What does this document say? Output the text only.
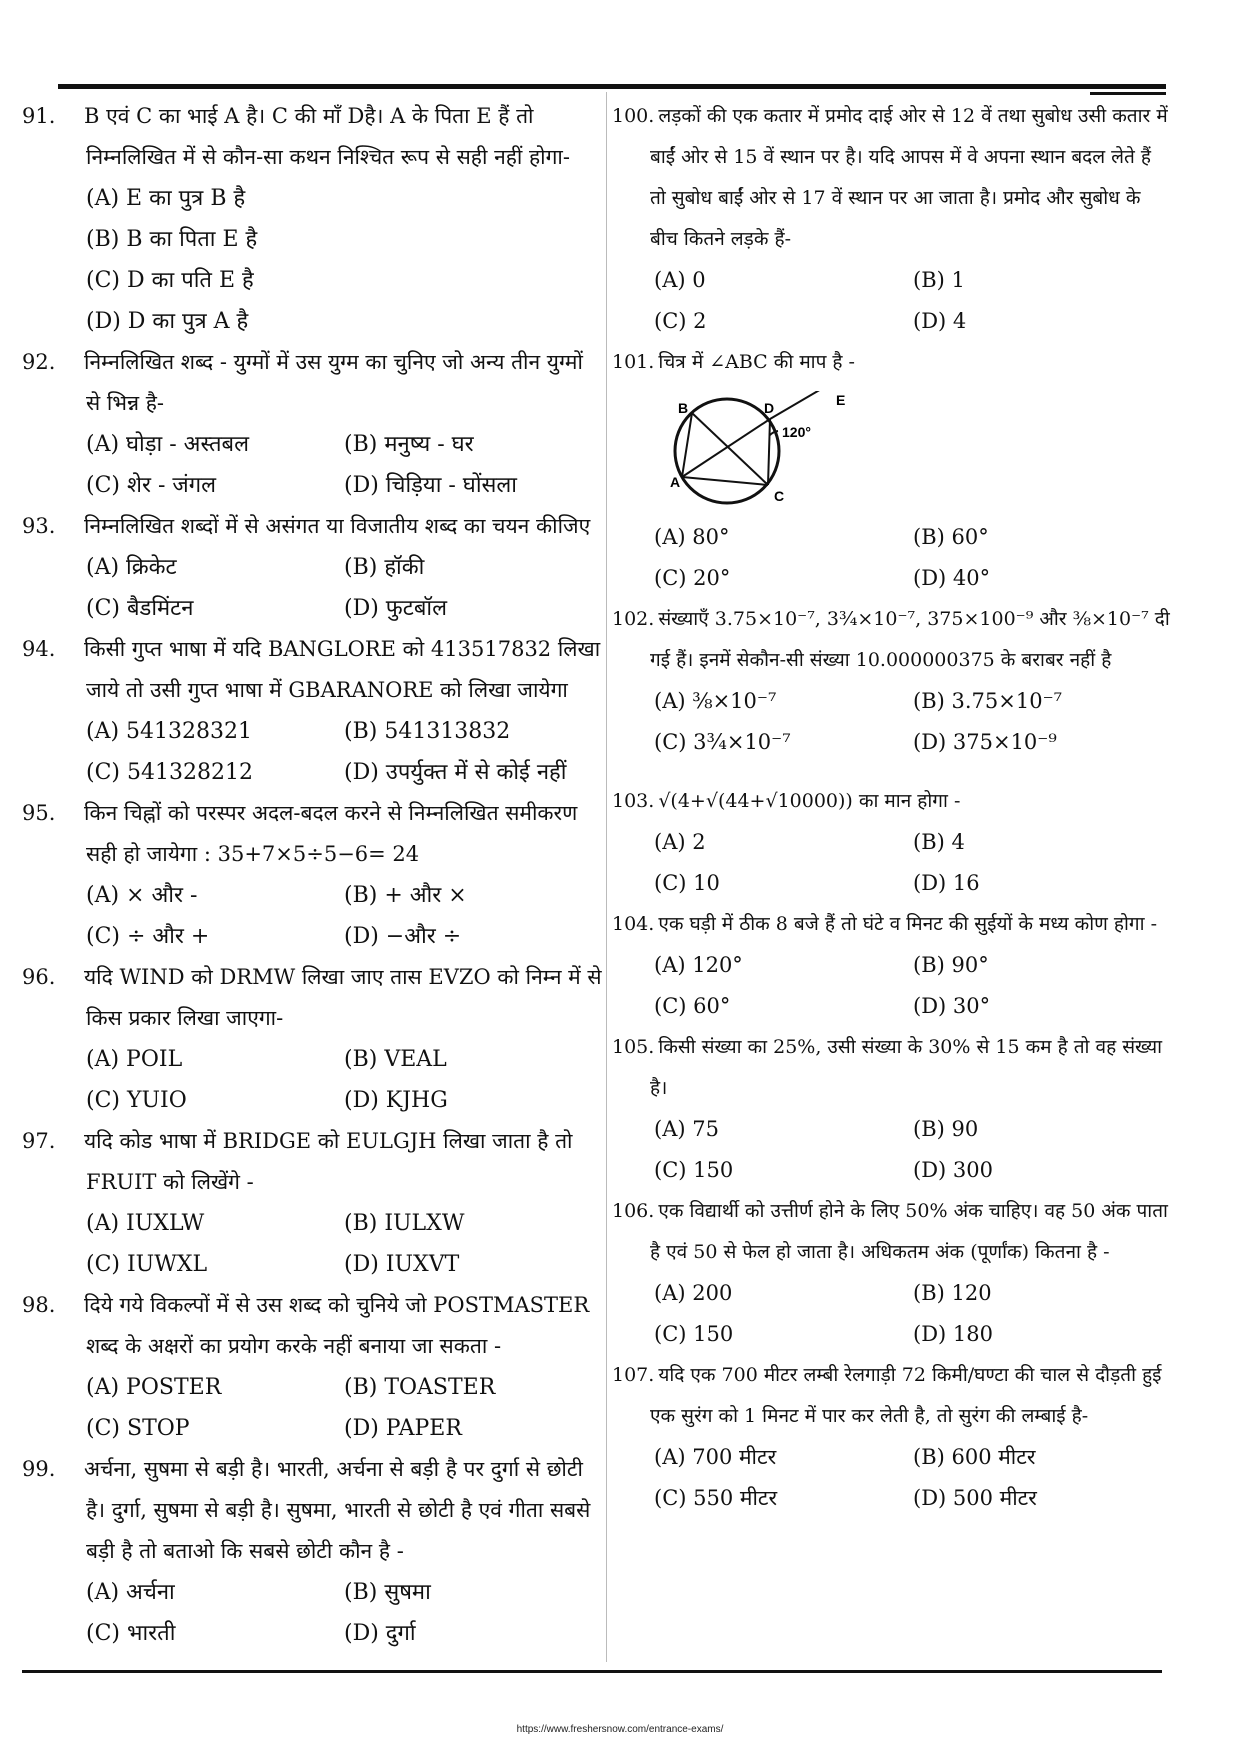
91. B एवं C का भाई A है। C की माँ Dहै। A के पिता E हैं तो निम्नलिखित में से कौन-सा कथन निश्चित रूप से सही नहीं होगा-
(A) E का पुत्र B है
(B) B का पिता E है
(C) D का पति E है
(D) D का पुत्र A है
92. निम्नलिखित शब्द - युग्मों में उस युग्म का चुनिए जो अन्य तीन युग्मों से भिन्न है-
(A) घोड़ा - अस्तबल	(B) मनुष्य - घर
(C) शेर - जंगल	(D) चिड़िया - घोंसला
93. निम्नलिखित शब्दों में से असंगत या विजातीय शब्द का चयन कीजिए
(A) क्रिकेट	(B) हॉकी
(C) बैडमिंटन	(D) फुटबॉल
94. किसी गुप्त भाषा में यदि BANGLORE को 413517832 लिखा जाये तो उसी गुप्त भाषा में GBARANORE को लिखा जायेगा
(A) 541328321	(B) 541313832
(C) 541328212	(D) उपर्युक्त में से कोई नहीं
95. किन चिह्नों को परस्पर अदल-बदल करने से निम्नलिखित समीकरण सही हो जायेगा : 35+7×5÷5−6= 24
(A) × और -	(B) + और ×
(C) ÷ और +	(D) −और ÷
96. यदि WIND को DRMW लिखा जाए तास EVZO को निम्न में से किस प्रकार लिखा जाएगा-
(A) POIL	(B) VEAL
(C) YUIO	(D) KJHG
97. यदि कोड भाषा में BRIDGE को EULGJH लिखा जाता है तो FRUIT को लिखेंगे -
(A) IUXLW	(B) IULXW
(C) IUWXL	(D) IUXVT
98. दिये गये विकल्पों में से उस शब्द को चुनिये जो POSTMASTER शब्द के अक्षरों का प्रयोग करके नहीं बनाया जा सकता -
(A) POSTER	(B) TOASTER
(C) STOP	(D) PAPER
99. अर्चना, सुषमा से बड़ी है। भारती, अर्चना से बड़ी है पर दुर्गा से छोटी है। दुर्गा, सुषमा से बड़ी है। सुषमा, भारती से छोटी है एवं गीता सबसे बड़ी है तो बताओ कि सबसे छोटी कौन है -
(A) अर्चना	(B) सुषमा
(C) भारती	(D) दुर्गा
100. लड़कों की एक कतार में प्रमोद दाई ओर से 12 वें तथा सुबोध उसी कतार में बाईं ओर से 15 वें स्थान पर है। यदि आपस में वे अपना स्थान बदल लेते हैं तो सुबोध बाईं ओर से 17 वें स्थान पर आ जाता है। प्रमोद और सुबोध के बीच कितने लड़के हैं-
(A) 0	(B) 1
(C) 2	(D) 4
101. चित्र में ∠ABC की माप है -
A
B
C
D	E
120°
(A) 80°	(B) 60°
(C) 20°	(D) 40°
102. संख्याएँ 3.75×10⁻⁷, 3¾×10⁻⁷, 375×100⁻⁹ और ⅜×10⁻⁷ दी गई हैं। इनमें सेकौन-सी संख्या 10.000000375 के बराबर नहीं है
(A) ⅜×10⁻⁷	(B) 3.75×10⁻⁷
(C) 3¾×10⁻⁷	(D) 375×10⁻⁹
103. √(4+√(44+√10000)) का मान होगा -
(A) 2	(B) 4
(C) 10	(D) 16
104. एक घड़ी में ठीक 8 बजे हैं तो घंटे व मिनट की सुईयों के मध्य कोण होगा -
(A) 120°	(B) 90°
(C) 60°	(D) 30°
105. किसी संख्या का 25%, उसी संख्या के 30% से 15 कम है तो वह संख्या है।
(A) 75	(B) 90
(C) 150	(D) 300
106. एक विद्यार्थी को उत्तीर्ण होने के लिए 50% अंक चाहिए। वह 50 अंक पाता है एवं 50 से फेल हो जाता है। अधिकतम अंक (पूर्णांक) कितना है -
(A) 200	(B) 120
(C) 150	(D) 180
107. यदि एक 700 मीटर लम्बी रेलगाड़ी 72 किमी/घण्टा की चाल से दौड़ती हुई एक सुरंग को 1 मिनट में पार कर लेती है, तो सुरंग की लम्बाई है-
(A) 700 मीटर	(B) 600 मीटर
(C) 550 मीटर	(D) 500 मीटर
https://www.freshersnow.com/entrance-exams/
